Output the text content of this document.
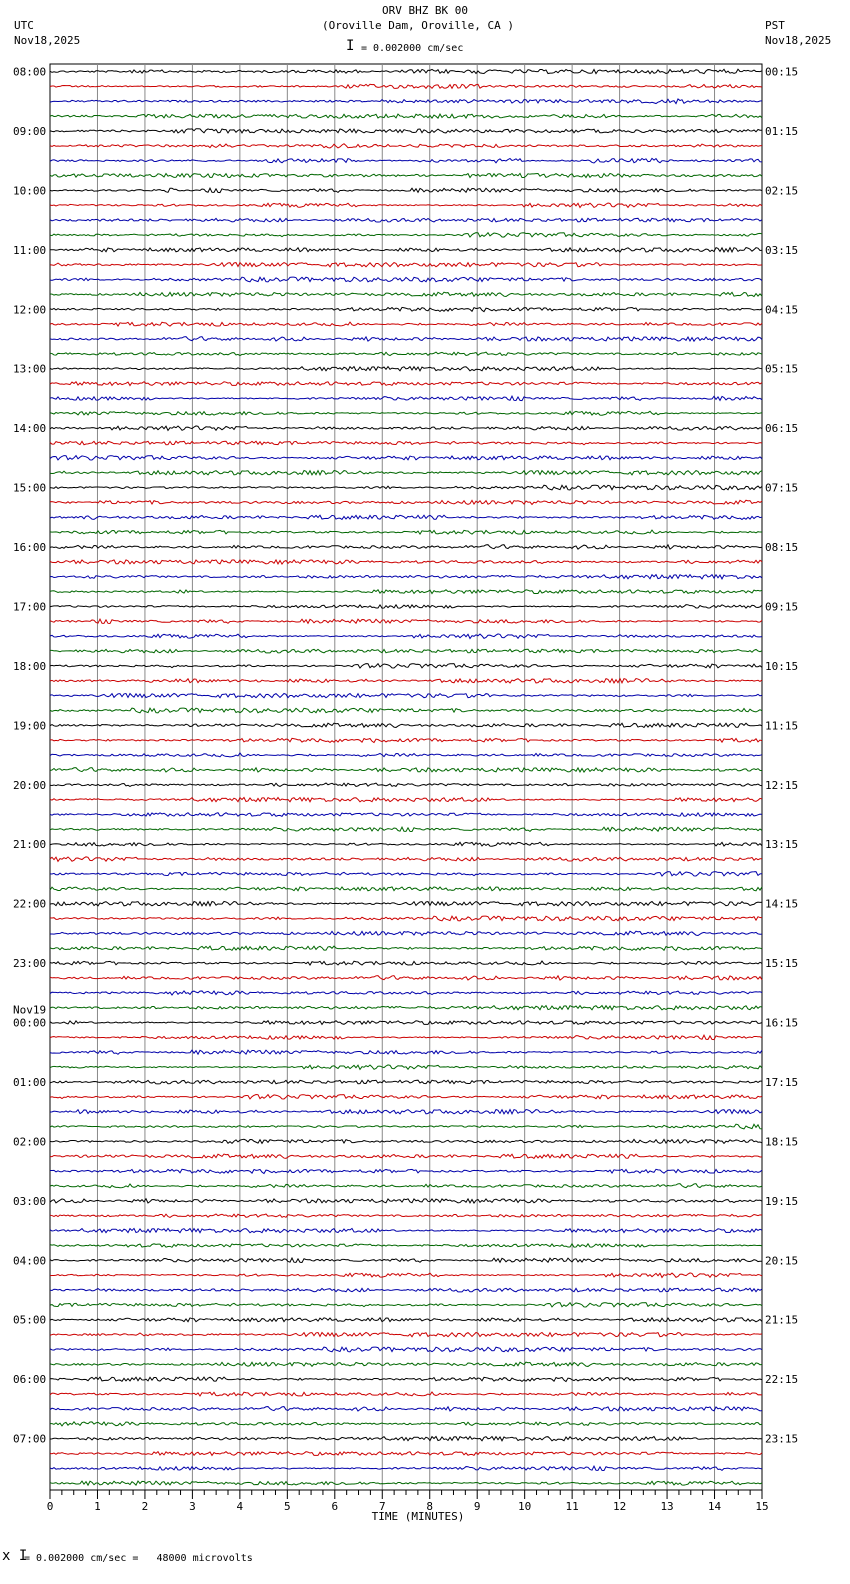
ORV BHZ BK 00
(Oroville Dam, Oroville, CA )
UTC
Nov18,2025
PST
Nov18,2025
I = 0.002000 cm/sec
08:00
09:00
10:00
11:00
12:00
13:00
14:00
15:00
16:00
17:00
18:00
19:00
20:00
21:00
22:00
23:00
00:00
Nov19
01:00
02:00
03:00
04:00
05:00
06:00
07:00
00:15
01:15
02:15
03:15
04:15
05:15
06:15
07:15
08:15
09:15
10:15
11:15
12:15
13:15
14:15
15:15
16:15
17:15
18:15
19:15
20:15
21:15
22:15
23:15
0	1	2	3	4	5	6	7	8	9	10	11	12	13	14	15
TIME (MINUTES)
x I
= 0.002000 cm/sec =   48000 microvolts
